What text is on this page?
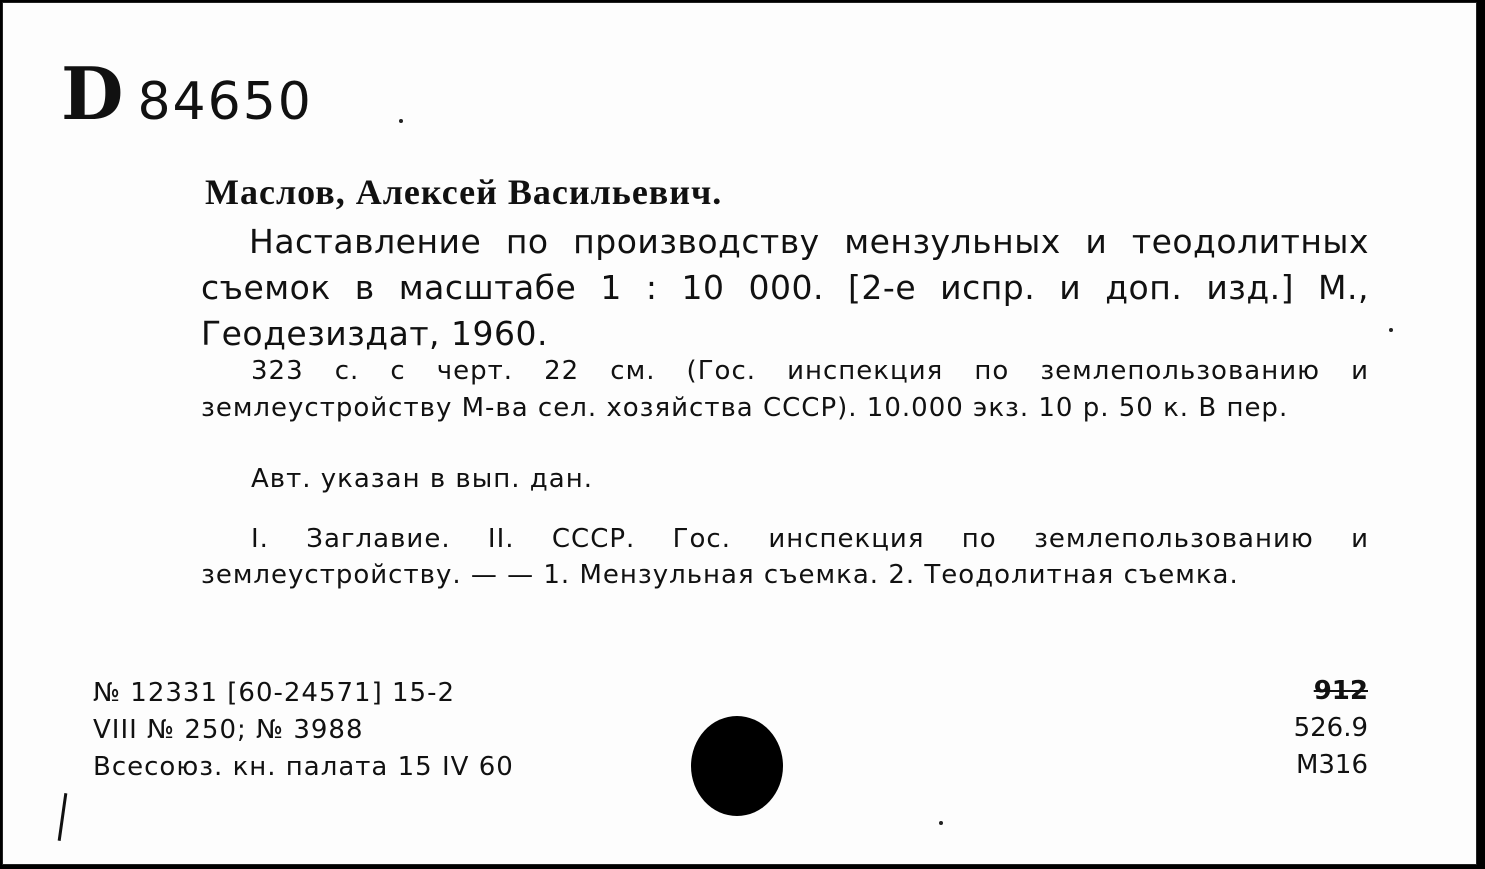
D 84650
Маслов, Алексей Васильевич.
Наставление по производству мензульных и теодолитных съемок в масштабе 1 : 10 000. [2-е испр. и доп. изд.] М., Геодезиздат, 1960.
323 с. с черт. 22 см. (Гос. инспекция по землепользованию и землеустройству М-ва сел. хозяйства СССР). 10.000 экз. 10 р. 50 к. В пер.
Авт. указан в вып. дан.
I. Заглавие. II. СССР. Гос. инспекция по землепользованию и землеустройству. — — 1. Мензульная съемка. 2. Теодолитная съемка.
№ 12331 [60-24571] 15-2
VIII № 250; № 3988
Всесоюз. кн. палата 15 IV 60
912
526.9
М316
